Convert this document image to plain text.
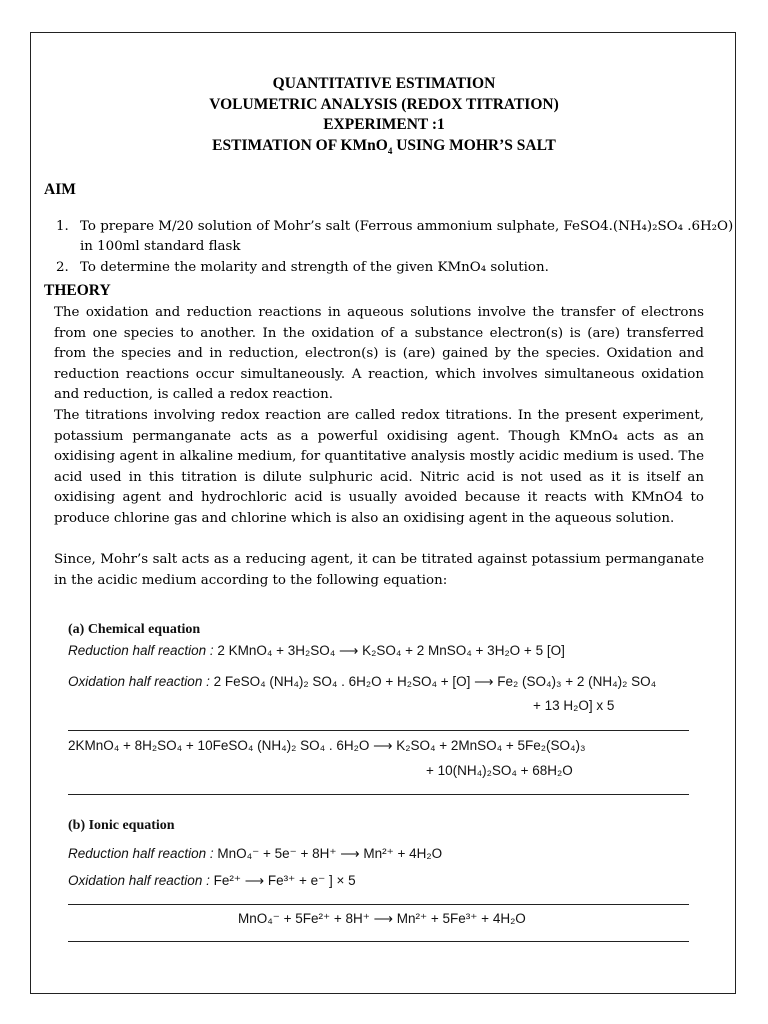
QUANTITATIVE ESTIMATION
VOLUMETRIC ANALYSIS (REDOX TITRATION)
EXPERIMENT :1
ESTIMATION OF KMnO$_4$ USING MOHR’S SALT
AIM
1. To prepare M/20 solution of Mohr’s salt (Ferrous ammonium sulphate, FeSO4.(NH₄)₂SO₄ .6H₂O) in 100ml standard flask
2. To determine the molarity and strength of the given KMnO₄ solution.
THEORY
The oxidation and reduction reactions in aqueous solutions involve the transfer of electrons from one species to another. In the oxidation of a substance electron(s) is (are) transferred from the species and in reduction, electron(s) is (are) gained by the species. Oxidation and reduction reactions occur simultaneously. A reaction, which involves simultaneous oxidation and reduction, is called a redox reaction.
The titrations involving redox reaction are called redox titrations. In the present experiment, potassium permanganate acts as a powerful oxidising agent. Though KMnO₄ acts as an oxidising agent in alkaline medium, for quantitative analysis mostly acidic medium is used. The acid used in this titration is dilute sulphuric acid. Nitric acid is not used as it is itself an oxidising agent and hydrochloric acid is usually avoided because it reacts with KMnO4 to produce chlorine gas and chlorine which is also an oxidising agent in the aqueous solution.
Since, Mohr’s salt acts as a reducing agent, it can be titrated against potassium permanganate in the acidic medium according to the following equation:
(a) Chemical equation
Reduction half reaction : 2 KMnO₄ + 3H₂SO₄ ⟶ K₂SO₄ + 2 MnSO₄ + 3H₂O + 5 [O]
Oxidation half reaction : 2 FeSO₄ (NH₄)₂ SO₄ . 6H₂O + H₂SO₄ + [O] ⟶ Fe₂ (SO₄)₃ + 2 (NH₄)₂ SO₄
+ 13 H₂O] x 5
2KMnO₄ + 8H₂SO₄ + 10FeSO₄ (NH₄)₂ SO₄ . 6H₂O ⟶ K₂SO₄ + 2MnSO₄ + 5Fe₂(SO₄)₃
+ 10(NH₄)₂SO₄ + 68H₂O
(b) Ionic equation
Reduction half reaction : MnO₄⁻ + 5e⁻ + 8H⁺ ⟶ Mn²⁺ + 4H₂O
Oxidation half reaction : Fe²⁺ ⟶ Fe³⁺ + e⁻ ] × 5
MnO₄⁻ + 5Fe²⁺ + 8H⁺ ⟶ Mn²⁺ + 5Fe³⁺ + 4H₂O
